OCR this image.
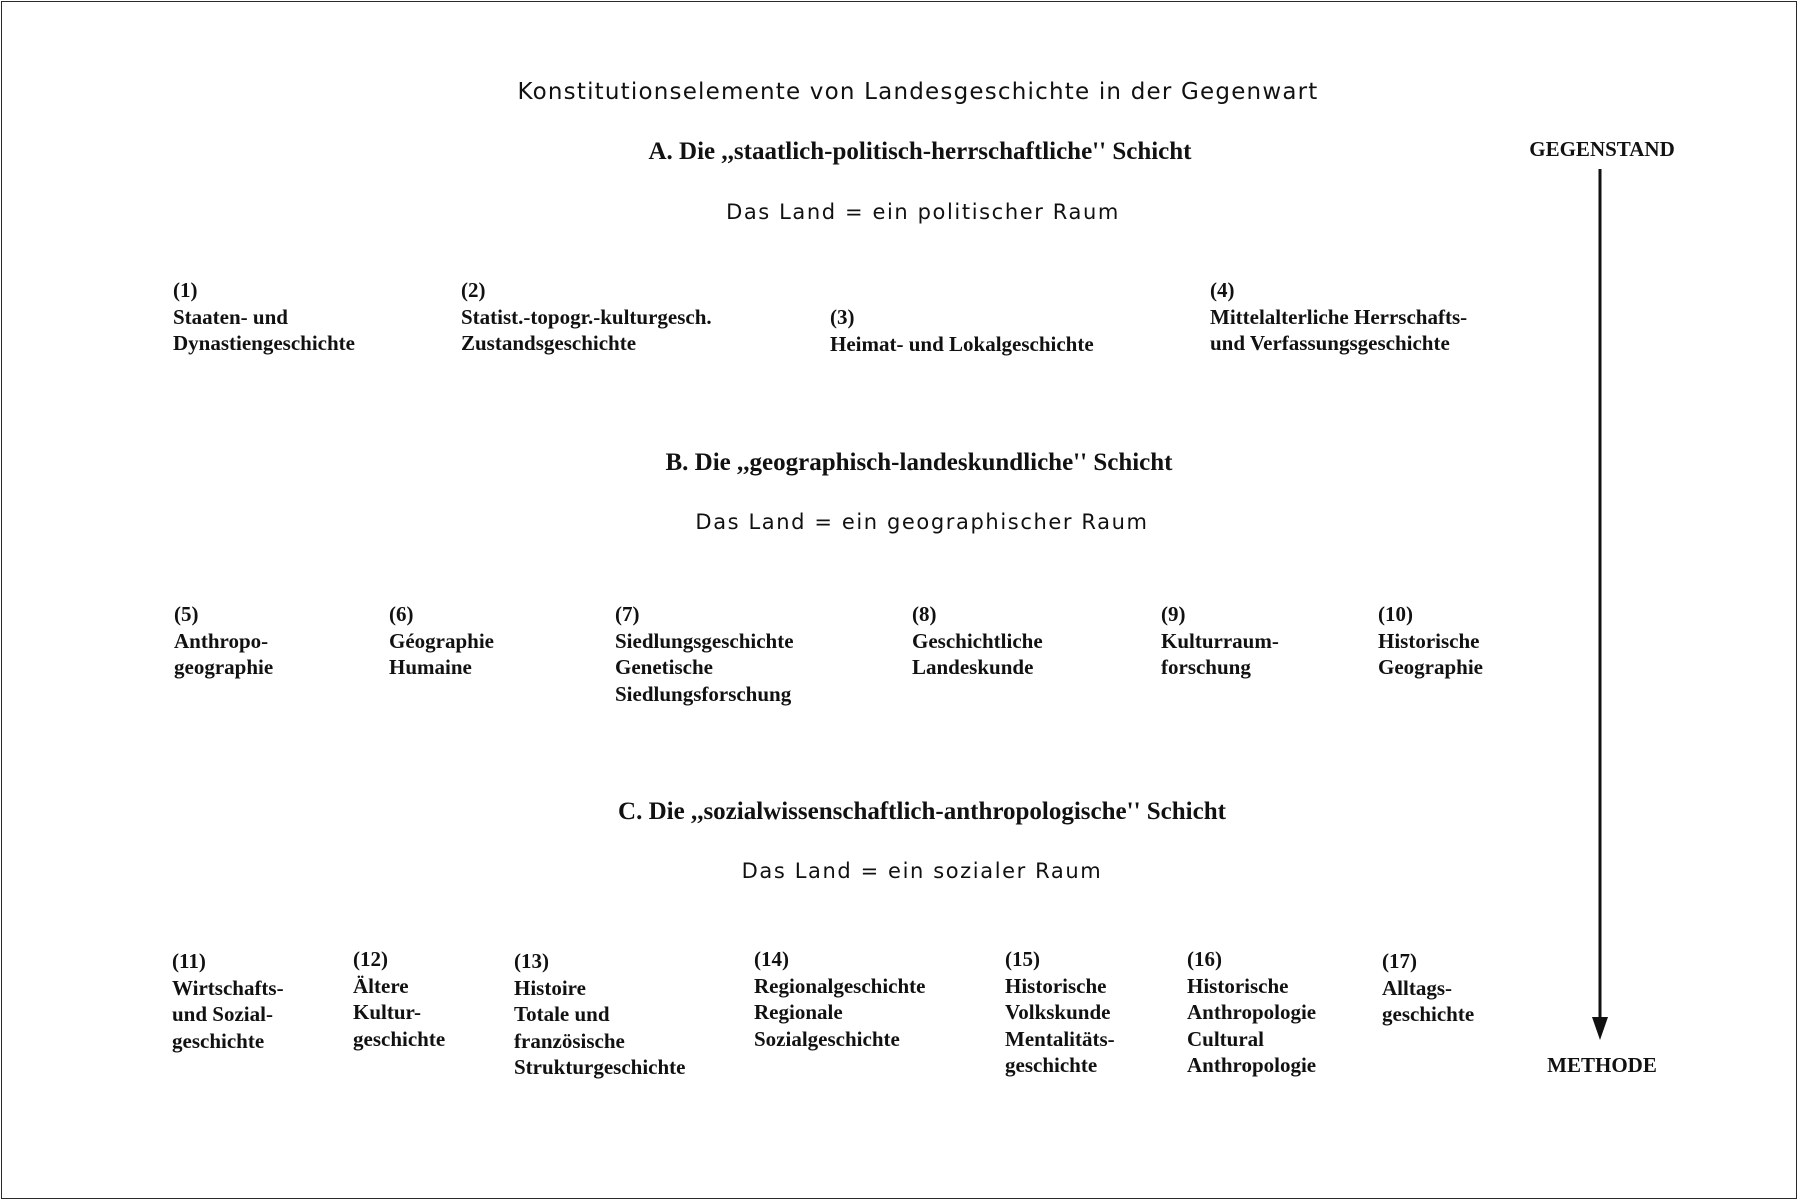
Konstitutionselemente von Landesgeschichte in der Gegenwart
A. Die ,,staatlich-politisch-herrschaftliche'' Schicht
Das Land = ein politischer Raum
(1)
Staaten- und
Dynastiengeschichte
(2)
Statist.-topogr.-kulturgesch.
Zustandsgeschichte
(3)
Heimat- und Lokalgeschichte
(4)
Mittelalterliche Herrschafts-
und Verfassungsgeschichte
B. Die ,,geographisch-landeskundliche'' Schicht
Das Land = ein geographischer Raum
(5)
Anthropo-
geographie
(6)
Géographie
Humaine
(7)
Siedlungsgeschichte
Genetische
Siedlungsforschung
(8)
Geschichtliche
Landeskunde
(9)
Kulturraum-
forschung
(10)
Historische
Geographie
C. Die ,,sozialwissenschaftlich-anthropologische'' Schicht
Das Land = ein sozialer Raum
(11)
Wirtschafts-
und Sozial-
geschichte
(12)
Ältere
Kultur-
geschichte
(13)
Histoire
Totale und
französische
Strukturgeschichte
(14)
Regionalgeschichte
Regionale
Sozialgeschichte
(15)
Historische
Volkskunde
Mentalitäts-
geschichte
(16)
Historische
Anthropologie
Cultural
Anthropologie
(17)
Alltags-
geschichte
GEGENSTAND
METHODE
